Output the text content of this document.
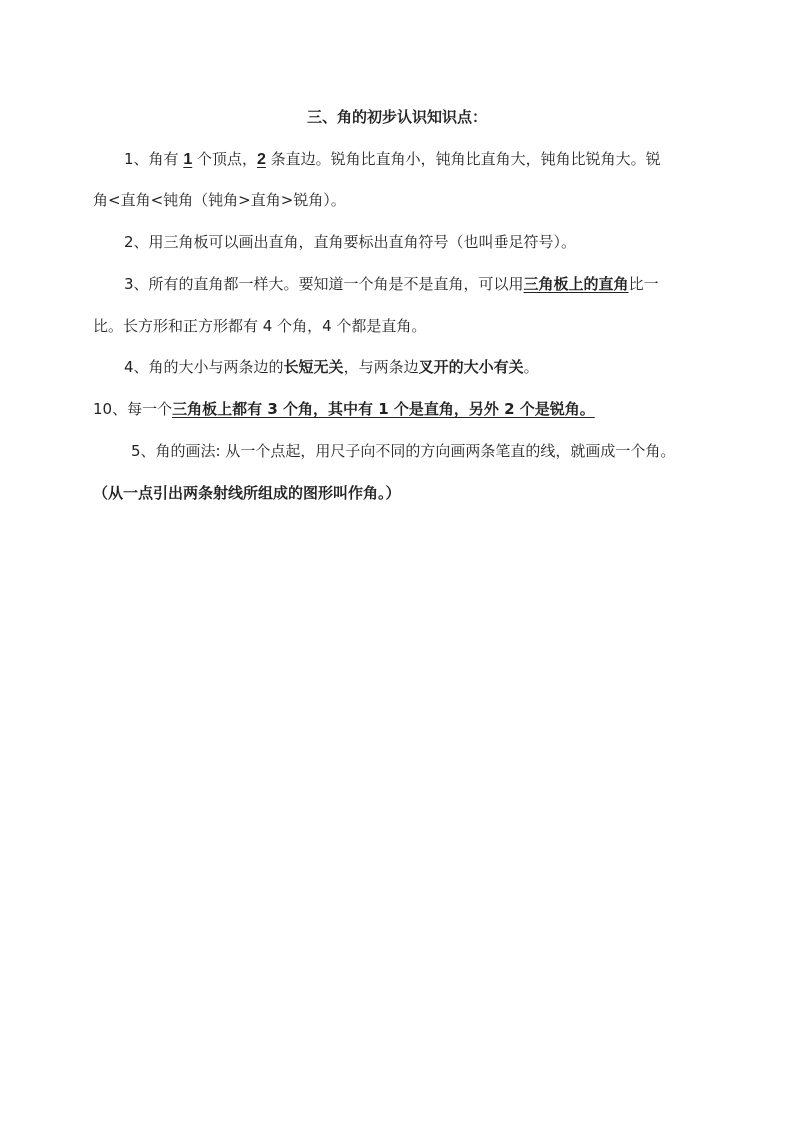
三、角的初步认识知识点：
1、角有 1 个顶点，2 条直边。锐角比直角小，钝角比直角大，钝角比锐角大。锐
角<直角<钝角（钝角>直角>锐角）。
2、用三角板可以画出直角，直角要标出直角符号（也叫垂足符号）。
3、所有的直角都一样大。要知道一个角是不是直角，可以用三角板上的直角比一
比。长方形和正方形都有 4 个角，4 个都是直角。
4、角的大小与两条边的长短无关，与两条边叉开的大小有关。
10、每一个三角板上都有 3 个角，其中有 1 个是直角，另外 2 个是锐角。
5、角的画法: 从一个点起，用尺子向不同的方向画两条笔直的线，就画成一个角。
（从一点引出两条射线所组成的图形叫作角。）
